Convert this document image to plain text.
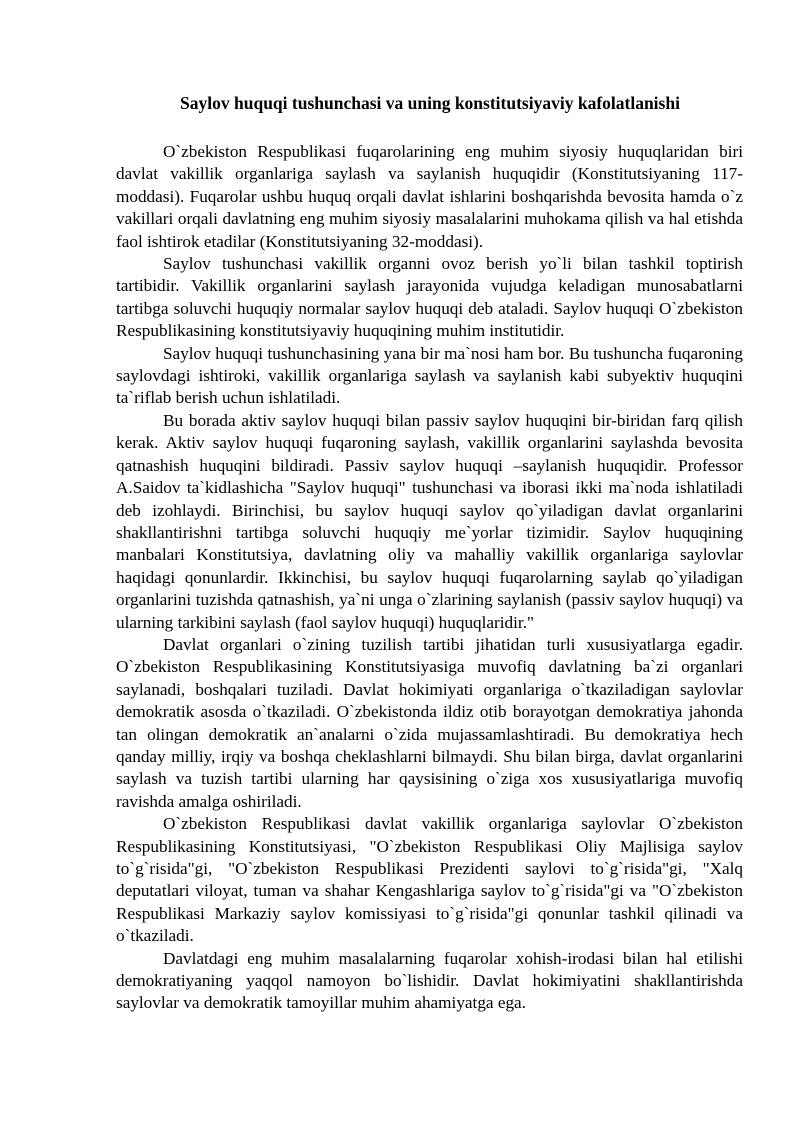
Saylov huquqi tushunchasi va uning konstitutsiyaviy kafolatlanishi

O`zbekiston Respublikasi fuqarolarining eng muhim siyosiy huquqlaridan biri davlat vakillik organlariga saylash va saylanish huquqidir (Konstitutsiyaning 117-moddasi). Fuqarolar ushbu huquq orqali davlat ishlarini boshqarishda bevosita hamda o`z vakillari orqali davlatning eng muhim siyosiy masalalarini muhokama qilish va hal etishda faol ishtirok etadilar (Konstitutsiyaning 32-moddasi).

Saylov tushunchasi vakillik organni ovoz berish yo`li bilan tashkil toptirish tartibidir. Vakillik organlarini saylash jarayonida vujudga keladigan munosabatlarni tartibga soluvchi huquqiy normalar saylov huquqi deb ataladi. Saylov huquqi O`zbekiston Respublikasining konstitutsiyaviy huquqining muhim institutidir.

Saylov huquqi tushunchasining yana bir ma`nosi ham bor. Bu tushuncha fuqaroning saylovdagi ishtiroki, vakillik organlariga saylash va saylanish kabi subyektiv huquqini ta`riflab berish uchun ishlatiladi.

Bu borada aktiv saylov huquqi bilan passiv saylov huquqini bir-biridan farq qilish kerak. Aktiv saylov huquqi fuqaroning saylash, vakillik organlarini saylashda bevosita qatnashish huquqini bildiradi. Passiv saylov huquqi –saylanish huquqidir. Professor A.Saidov ta`kidlashicha "Saylov huquqi" tushunchasi va iborasi ikki ma`noda ishlatiladi deb izohlaydi. Birinchisi, bu saylov huquqi saylov qo`yiladigan davlat organlarini shakllantirishni tartibga soluvchi huquqiy me`yorlar tizimidir. Saylov huquqining manbalari Konstitutsiya, davlatning oliy va mahalliy vakillik organlariga saylovlar haqidagi qonunlardir. Ikkinchisi, bu saylov huquqi fuqarolarning saylab qo`yiladigan organlarini tuzishda qatnashish, ya`ni unga o`zlarining saylanish (passiv saylov huquqi) va ularning tarkibini saylash (faol saylov huquqi) huquqlaridir."

Davlat organlari o`zining tuzilish tartibi jihatidan turli xususiyatlarga egadir. O`zbekiston Respublikasining Konstitutsiyasiga muvofiq davlatning ba`zi organlari saylanadi, boshqalari tuziladi. Davlat hokimiyati organlariga o`tkaziladigan saylovlar demokratik asosda o`tkaziladi. O`zbekistonda ildiz otib borayotgan demokratiya jahonda tan olingan demokratik an`analarni o`zida mujassamlashtiradi. Bu demokratiya hech qanday milliy, irqiy va boshqa cheklashlarni bilmaydi. Shu bilan birga, davlat organlarini saylash va tuzish tartibi ularning har qaysisining o`ziga xos xususiyatlariga muvofiq ravishda amalga oshiriladi.

O`zbekiston Respublikasi davlat vakillik organlariga saylovlar O`zbekiston Respublikasining Konstitutsiyasi, "O`zbekiston Respublikasi Oliy Majlisiga saylov to`g`risida"gi, "O`zbekiston Respublikasi Prezidenti saylovi to`g`risida"gi, "Xalq deputatlari viloyat, tuman va shahar Kengashlariga saylov to`g`risida"gi va "O`zbekiston Respublikasi Markaziy saylov komissiyasi to`g`risida"gi qonunlar tashkil qilinadi va o`tkaziladi.

Davlatdagi eng muhim masalalarning fuqarolar xohish-irodasi bilan hal etilishi demokratiyaning yaqqol namoyon bo`lishidir. Davlat hokimiyatini shakllantirishda saylovlar va demokratik tamoyillar muhim ahamiyatga ega.
